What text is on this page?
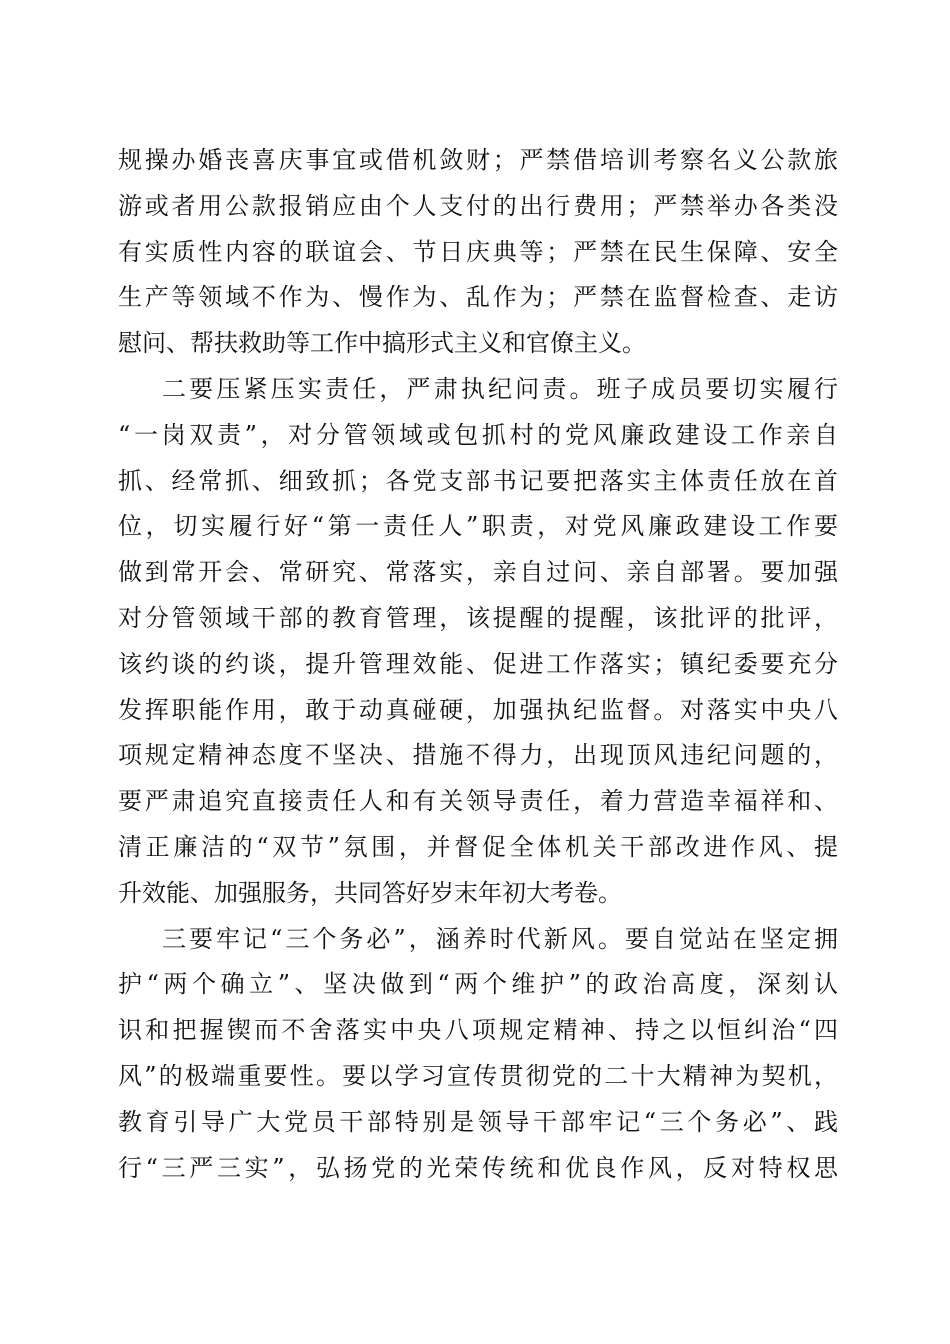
规操办婚丧喜庆事宜或借机敛财；严禁借培训考察名义公款旅
游或者用公款报销应由个人支付的出行费用；严禁举办各类没
有实质性内容的联谊会、节日庆典等；严禁在民生保障、安全
生产等领域不作为、慢作为、乱作为；严禁在监督检查、走访
慰问、帮扶救助等工作中搞形式主义和官僚主义。
二要压紧压实责任，严肃执纪问责。班子成员要切实履行
“一岗双责”，对分管领域或包抓村的党风廉政建设工作亲自
抓、经常抓、细致抓；各党支部书记要把落实主体责任放在首
位，切实履行好“第一责任人”职责，对党风廉政建设工作要
做到常开会、常研究、常落实，亲自过问、亲自部署。要加强
对分管领域干部的教育管理，该提醒的提醒，该批评的批评，
该约谈的约谈，提升管理效能、促进工作落实；镇纪委要充分
发挥职能作用，敢于动真碰硬，加强执纪监督。对落实中央八
项规定精神态度不坚决、措施不得力，出现顶风违纪问题的，
要严肃追究直接责任人和有关领导责任，着力营造幸福祥和、
清正廉洁的“双节”氛围，并督促全体机关干部改进作风、提
升效能、加强服务，共同答好岁末年初大考卷。
三要牢记“三个务必”，涵养时代新风。要自觉站在坚定拥
护“两个确立”、坚决做到“两个维护”的政治高度，深刻认
识和把握锲而不舍落实中央八项规定精神、持之以恒纠治“四
风”的极端重要性。要以学习宣传贯彻党的二十大精神为契机，
教育引导广大党员干部特别是领导干部牢记“三个务必”、践
行“三严三实”，弘扬党的光荣传统和优良作风，反对特权思
